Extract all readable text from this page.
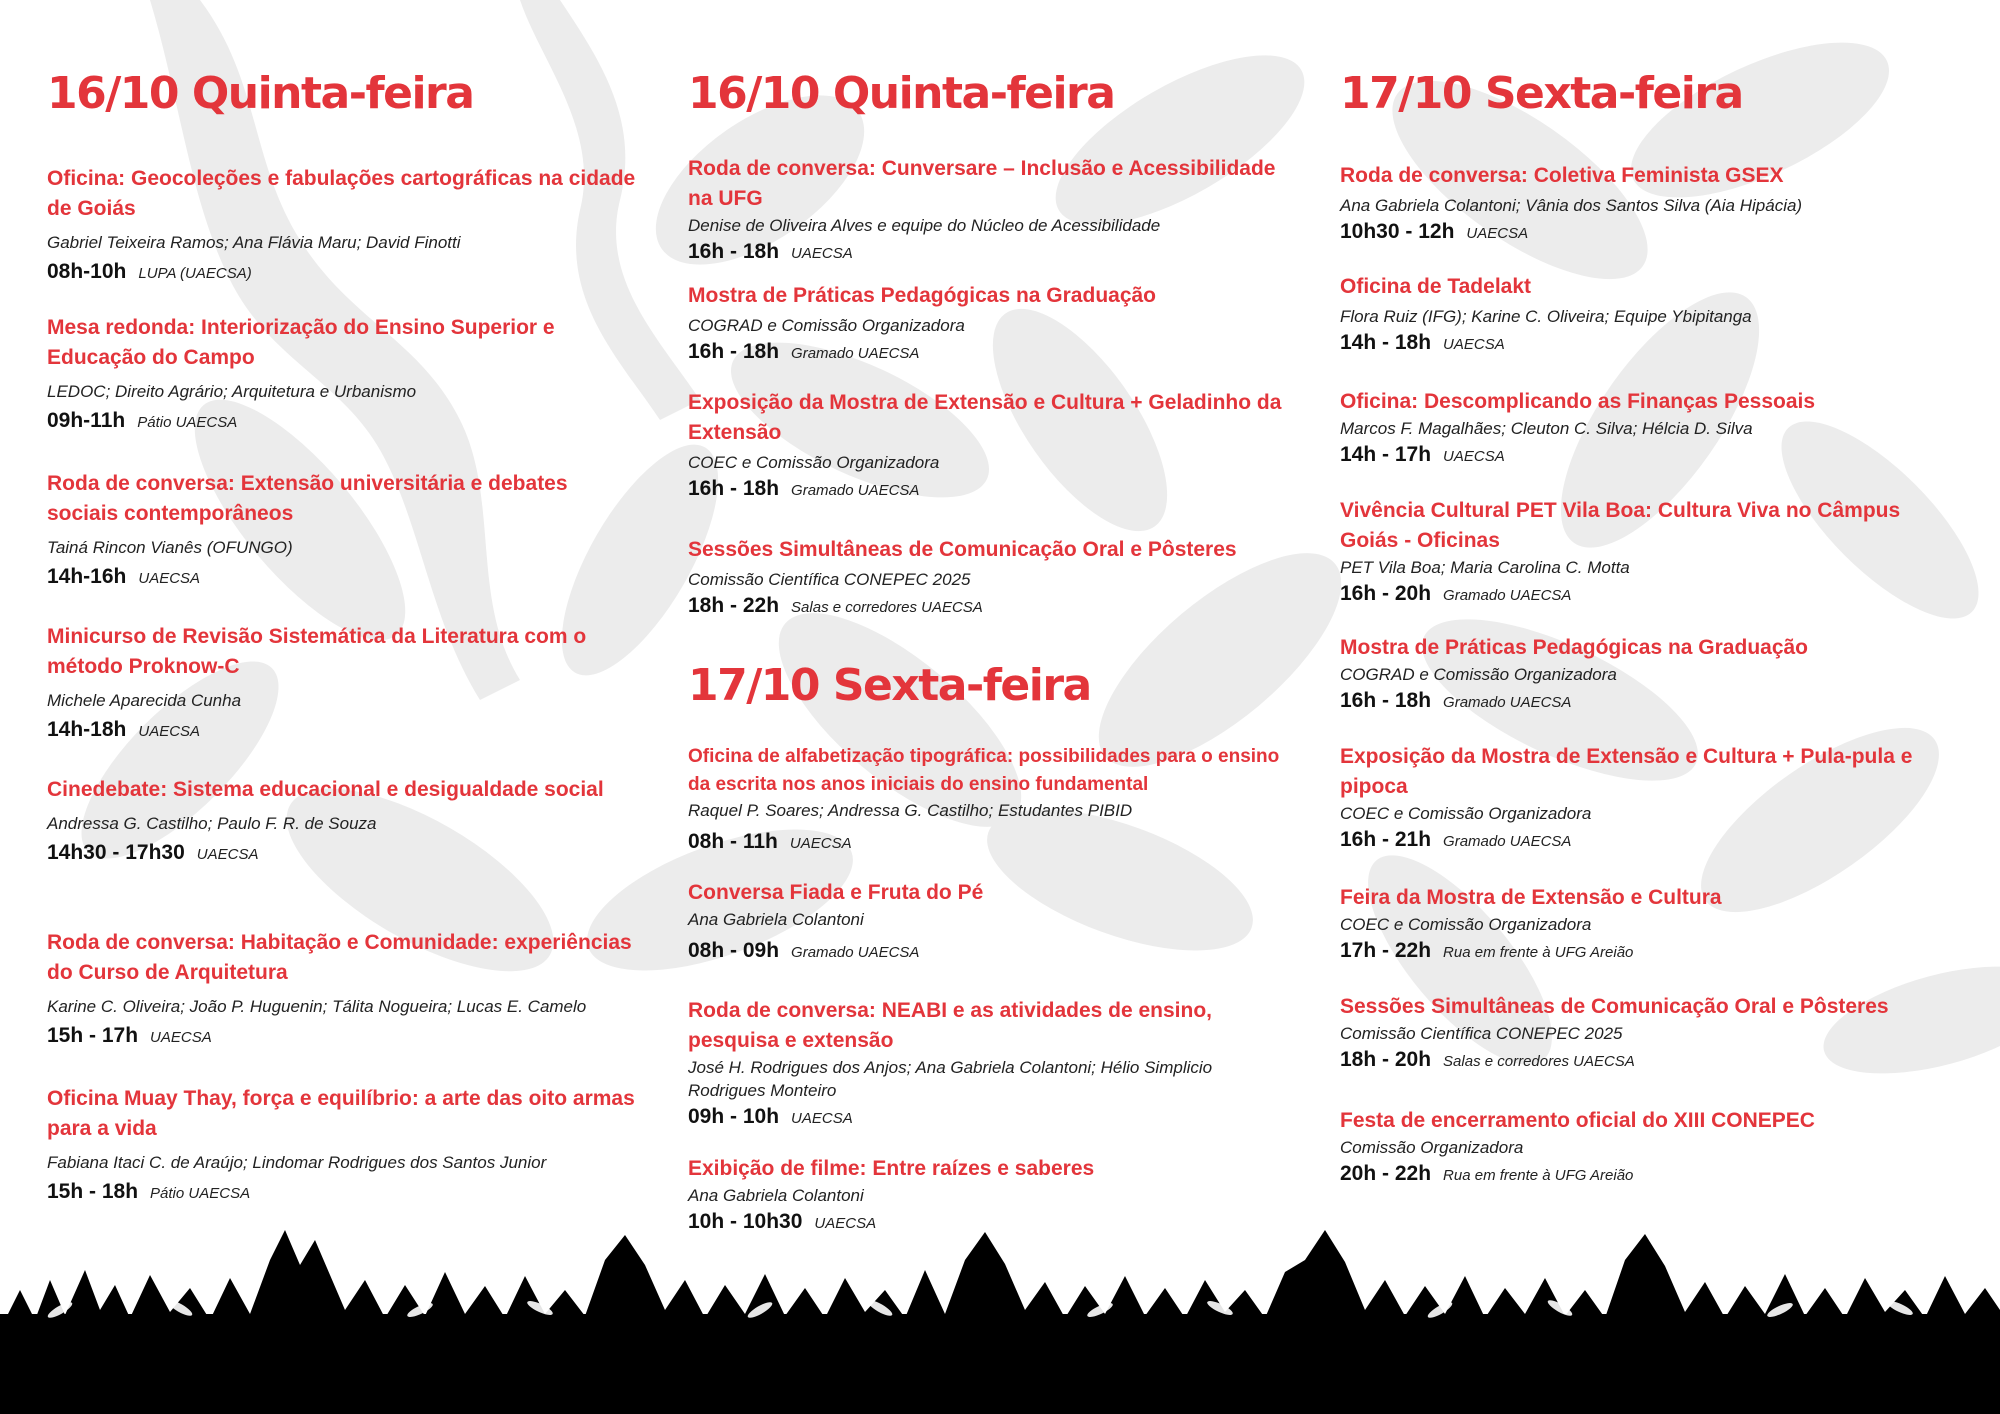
16/10 Quinta-feira

Oficina: Geocoleções e fabulações cartográficas na cidade de Goiás

Gabriel Teixeira Ramos; Ana Flávia Maru; David Finotti

08h-10h LUPA (UAECSA)

Mesa redonda: Interiorização do Ensino Superior e Educação do Campo

LEDOC; Direito Agrário; Arquitetura e Urbanismo

09h-11h Pátio UAECSA

Roda de conversa: Extensão universitária e debates sociais contemporâneos

Tainá Rincon Vianês (OFUNGO)

14h-16h UAECSA

Minicurso de Revisão Sistemática da Literatura com o método Proknow-C

Michele Aparecida Cunha

14h-18h UAECSA

Cinedebate: Sistema educacional e desigualdade social

Andressa G. Castilho; Paulo F. R. de Souza

14h30 - 17h30 UAECSA

Roda de conversa: Habitação e Comunidade: experiências do Curso de Arquitetura

Karine C. Oliveira; João P. Huguenin; Tálita Nogueira; Lucas E. Camelo

15h - 17h UAECSA

Oficina Muay Thay, força e equilíbrio: a arte das oito armas para a vida

Fabiana Itaci C. de Araújo; Lindomar Rodrigues dos Santos Junior

15h - 18h Pátio UAECSA

16/10 Quinta-feira

Roda de conversa: Cunversare – Inclusão e Acessibilidade na UFG

Denise de Oliveira Alves e equipe do Núcleo de Acessibilidade

16h - 18h UAECSA

Mostra de Práticas Pedagógicas na Graduação

COGRAD e Comissão Organizadora

16h - 18h Gramado UAECSA

Exposição da Mostra de Extensão e Cultura + Geladinho da Extensão

COEC e Comissão Organizadora

16h - 18h Gramado UAECSA

Sessões Simultâneas de Comunicação Oral e Pôsteres

Comissão Científica CONEPEC 2025

18h - 22h Salas e corredores UAECSA

17/10 Sexta-feira

Oficina de alfabetização tipográfica: possibilidades para o ensino da escrita nos anos iniciais do ensino fundamental

Raquel P. Soares; Andressa G. Castilho; Estudantes PIBID

08h - 11h UAECSA

Conversa Fiada e Fruta do Pé

Ana Gabriela Colantoni

08h - 09h Gramado UAECSA

Roda de conversa: NEABI e as atividades de ensino, pesquisa e extensão

José H. Rodrigues dos Anjos; Ana Gabriela Colantoni; Hélio Simplicio Rodrigues Monteiro

09h - 10h UAECSA

Exibição de filme: Entre raízes e saberes

Ana Gabriela Colantoni

10h - 10h30 UAECSA

17/10 Sexta-feira

Roda de conversa: Coletiva Feminista GSEX

Ana Gabriela Colantoni; Vânia dos Santos Silva (Aia Hipácia)

10h30 - 12h UAECSA

Oficina de Tadelakt

Flora Ruiz (IFG); Karine C. Oliveira; Equipe Ybipitanga

14h - 18h UAECSA

Oficina: Descomplicando as Finanças Pessoais

Marcos F. Magalhães; Cleuton C. Silva; Hélcia D. Silva

14h - 17h UAECSA

Vivência Cultural PET Vila Boa: Cultura Viva no Câmpus Goiás - Oficinas

PET Vila Boa; Maria Carolina C. Motta

16h - 20h Gramado UAECSA

Mostra de Práticas Pedagógicas na Graduação

COGRAD e Comissão Organizadora

16h - 18h Gramado UAECSA

Exposição da Mostra de Extensão e Cultura + Pula-pula e pipoca

COEC e Comissão Organizadora

16h - 21h Gramado UAECSA

Feira da Mostra de Extensão e Cultura

COEC e Comissão Organizadora

17h - 22h Rua em frente à UFG Areião

Sessões Simultâneas de Comunicação Oral e Pôsteres

Comissão Científica CONEPEC 2025

18h - 20h Salas e corredores UAECSA

Festa de encerramento oficial do XIII CONEPEC

Comissão Organizadora

20h - 22h Rua em frente à UFG Areião
